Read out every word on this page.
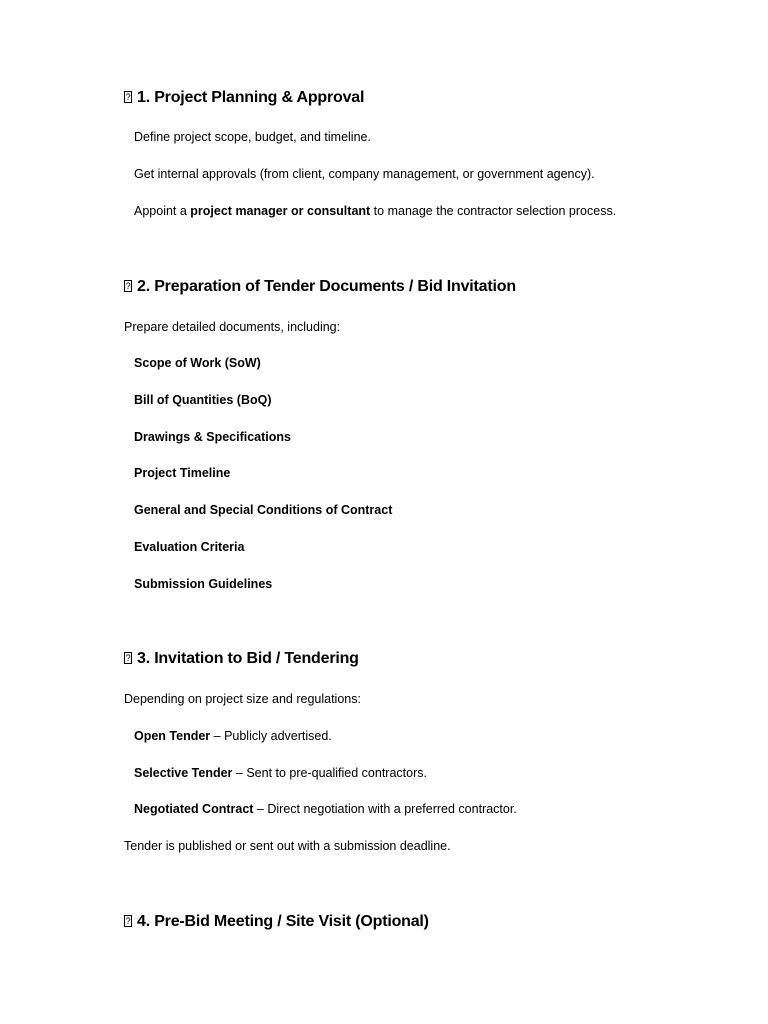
?1. Project Planning & Approval
Define project scope, budget, and timeline.
Get internal approvals (from client, company management, or government agency).
Appoint a project manager or consultant to manage the contractor selection process.
?2. Preparation of Tender Documents / Bid Invitation
Prepare detailed documents, including:
Scope of Work (SoW)
Bill of Quantities (BoQ)
Drawings & Specifications
Project Timeline
General and Special Conditions of Contract
Evaluation Criteria
Submission Guidelines
?3. Invitation to Bid / Tendering
Depending on project size and regulations:
Open Tender – Publicly advertised.
Selective Tender – Sent to pre-qualified contractors.
Negotiated Contract – Direct negotiation with a preferred contractor.
Tender is published or sent out with a submission deadline.
?4. Pre-Bid Meeting / Site Visit (Optional)
